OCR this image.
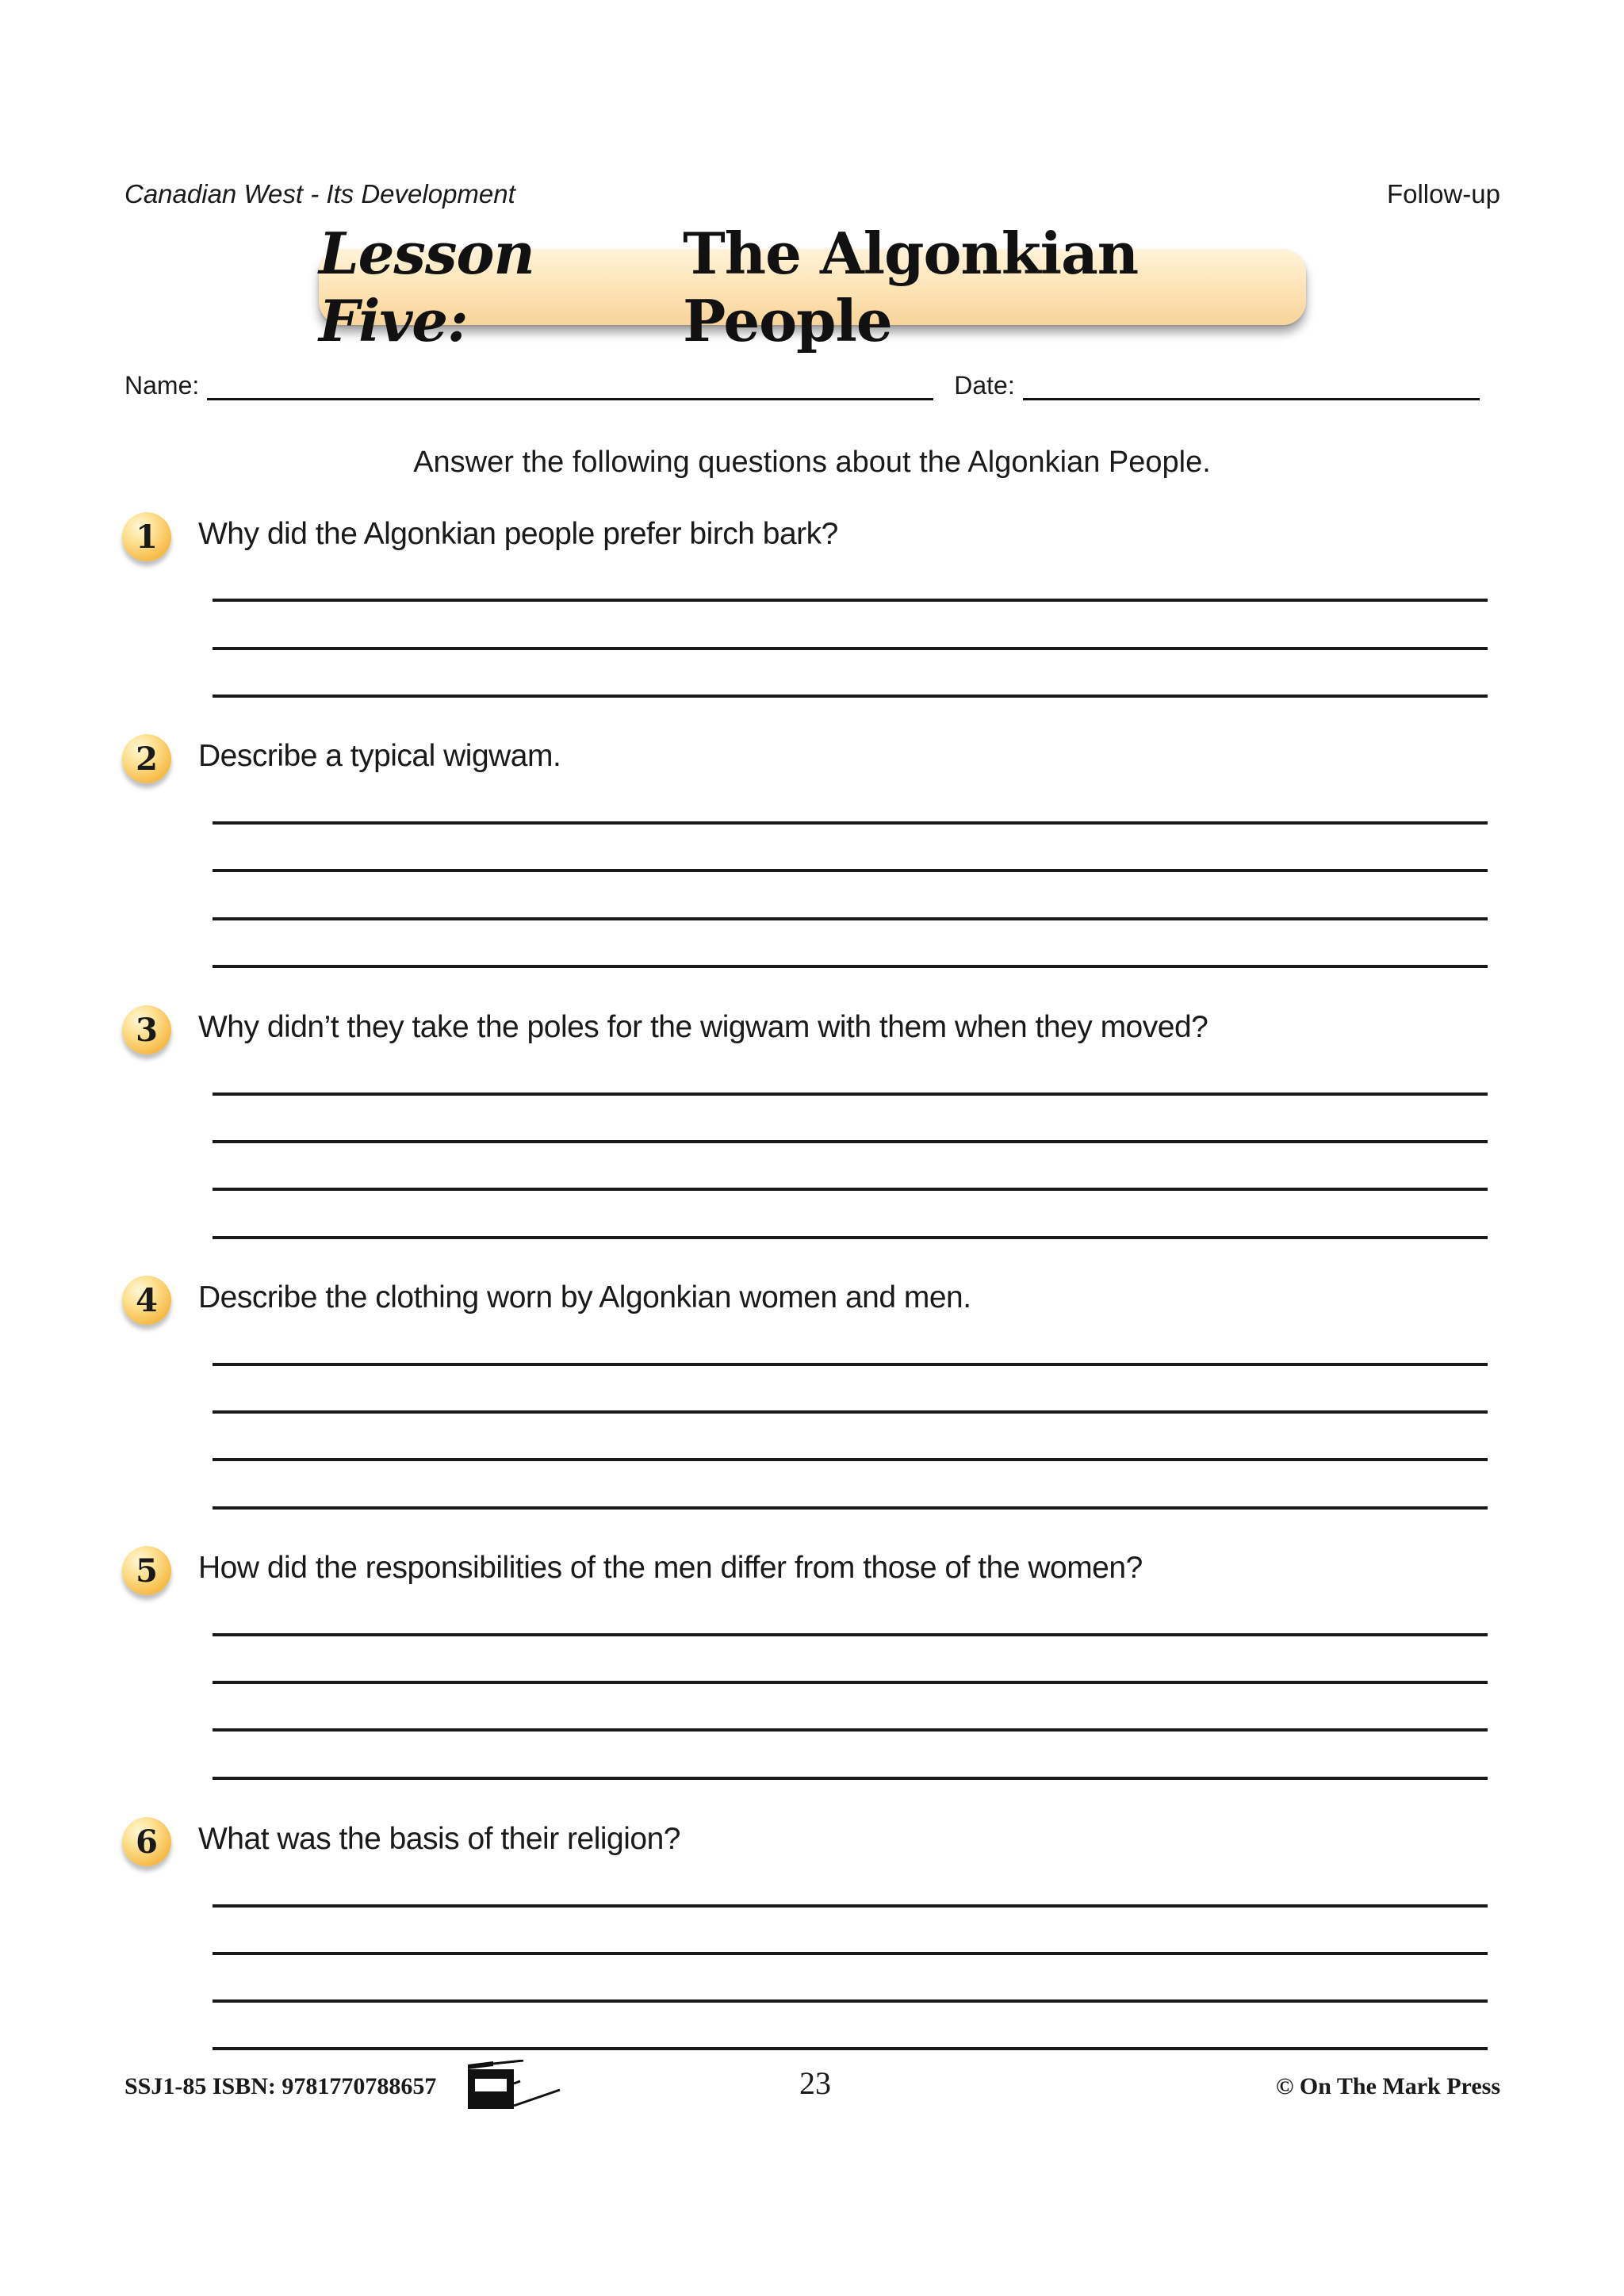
Canadian West - Its Development	Follow-up
Lesson Five:
The Algonkian People
Name:	Date:
Answer the following questions about the Algonkian People.
1	Why did the Algonkian people prefer birch bark?
2	Describe a typical wigwam.
3	Why didn’t they take the poles for the wigwam with them when they moved?
4	Describe the clothing worn by Algonkian women and men.
5	How did the responsibilities of the men differ from those of the women?
6	What was the basis of their religion?
SSJ1-85 ISBN: 9781770788657	23	© On The Mark Press
